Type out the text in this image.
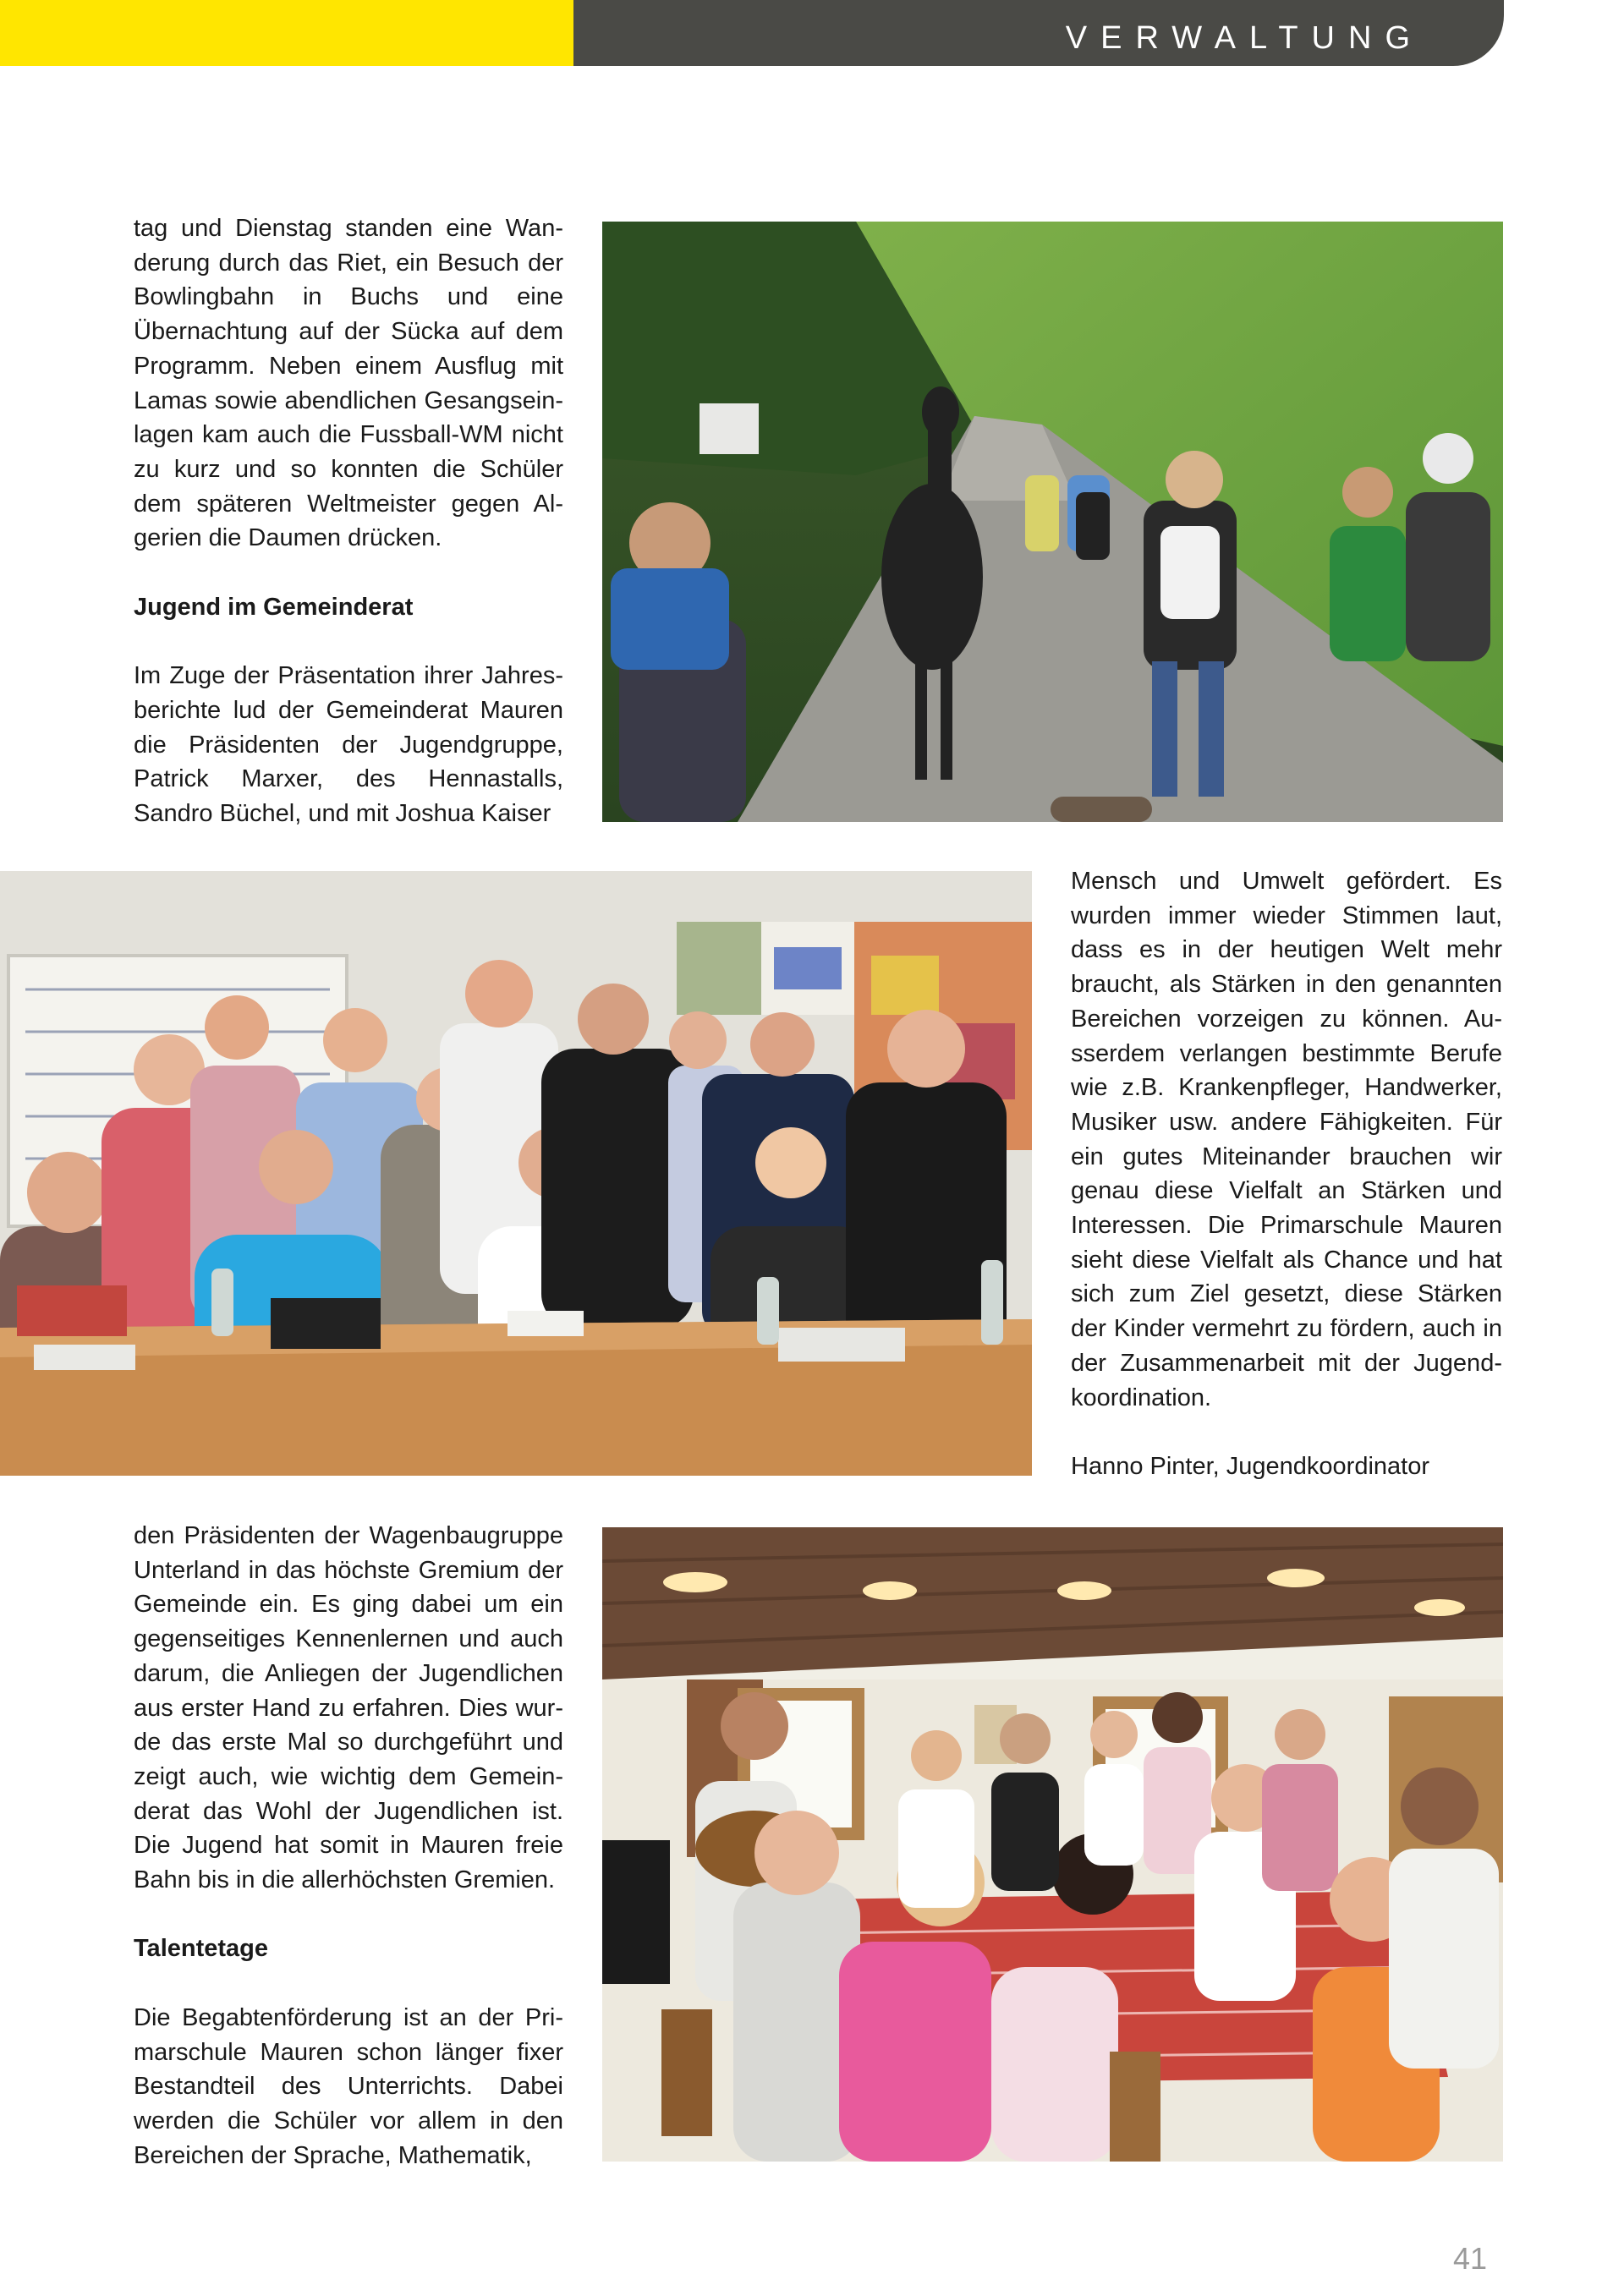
VERWALTUNG

tag und Dienstag standen eine Wanderung durch das Riet, ein Besuch der Bowlingbahn in Buchs und eine Übernachtung auf der Sücka auf dem Programm. Neben einem Ausflug mit Lamas sowie abendlichen Gesangseinlagen kam auch die Fussball-WM nicht zu kurz und so konnten die Schüler dem späteren Weltmeister gegen Algerien die Daumen drücken.

Jugend im Gemeinderat

Im Zuge der Präsentation ihrer Jahresberichte lud der Gemeinderat Mauren die Präsidenten der Jugendgruppe, Patrick Marxer, des Hennastalls, Sandro Büchel, und mit Joshua Kaiser

Mensch und Umwelt gefördert. Es wurden immer wieder Stimmen laut, dass es in der heutigen Welt mehr braucht, als Stärken in den genannten Bereichen vorzeigen zu können. Ausserdem verlangen bestimmte Berufe wie z.B. Krankenpfleger, Handwerker, Musiker usw. andere Fähigkeiten. Für ein gutes Miteinander brauchen wir genau diese Vielfalt an Stärken und Interessen. Die Primarschule Mauren sieht diese Vielfalt als Chance und hat sich zum Ziel gesetzt, diese Stärken der Kinder vermehrt zu fördern, auch in der Zusammenarbeit mit der Jugendkoordination.

Hanno Pinter, Jugendkoordinator

den Präsidenten der Wagenbaugruppe Unterland in das höchste Gremium der Gemeinde ein. Es ging dabei um ein gegenseitiges Kennenlernen und auch darum, die Anliegen der Jugendlichen aus erster Hand zu erfahren. Dies wurde das erste Mal so durchgeführt und zeigt auch, wie wichtig dem Gemeinderat das Wohl der Jugendlichen ist. Die Jugend hat somit in Mauren freie Bahn bis in die allerhöchsten Gremien.

Talentetage

Die Begabtenförderung ist an der Primarschule Mauren schon länger fixer Bestandteil des Unterrichts. Dabei werden die Schüler vor allem in den Bereichen der Sprache, Mathematik,

41
